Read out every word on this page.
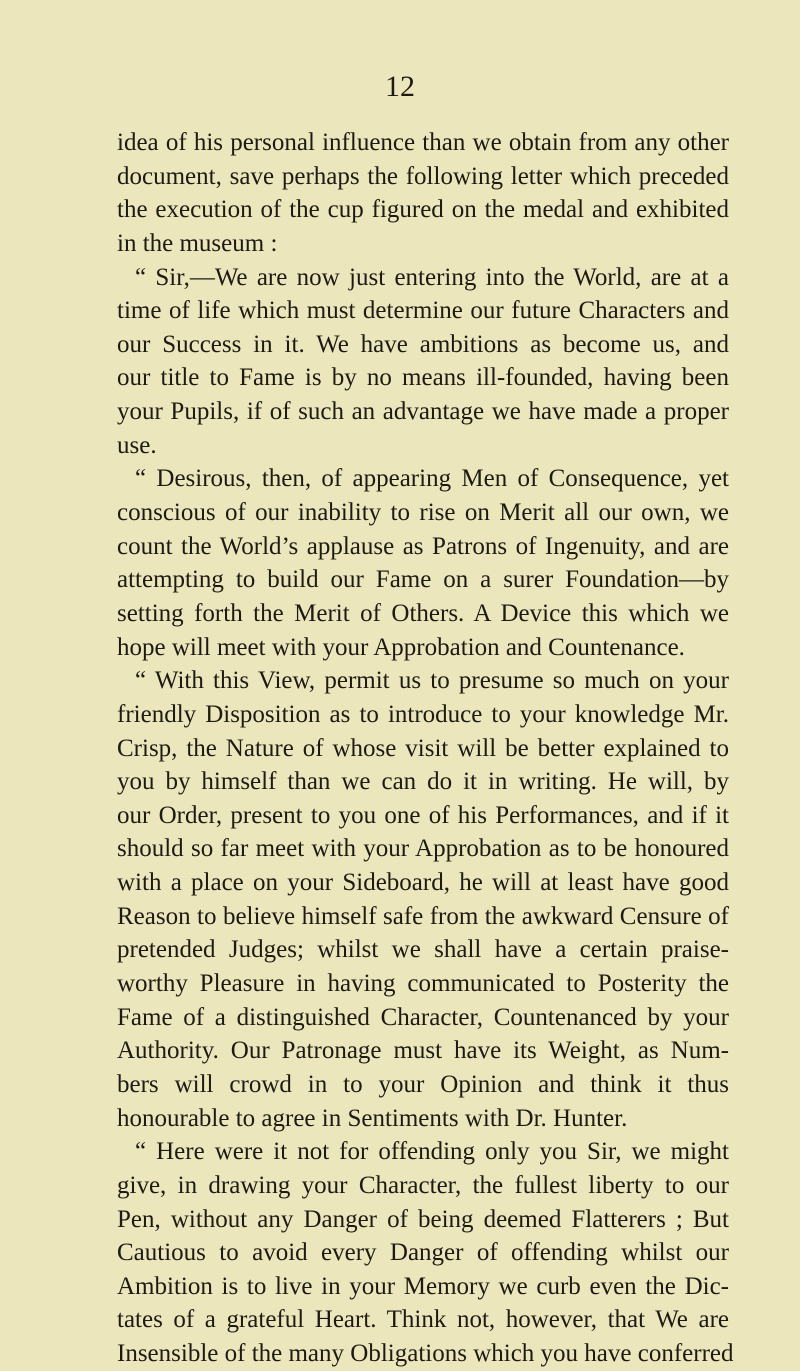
12
idea of his personal influence than we obtain from any other
document, save perhaps the following letter which preceded
the execution of the cup figured on the medal and exhibited
in the museum :
“ Sir,—We are now just entering into the World, are at a
time of life which must determine our future Characters and
our Success in it. We have ambitions as become us, and
our title to Fame is by no means ill-founded, having been
your Pupils, if of such an advantage we have made a proper
use.
“ Desirous, then, of appearing Men of Consequence, yet
conscious of our inability to rise on Merit all our own, we
count the World’s applause as Patrons of Ingenuity, and are
attempting to build our Fame on a surer Foundation—by
setting forth the Merit of Others. A Device this which we
hope will meet with your Approbation and Countenance.
“ With this View, permit us to presume so much on your
friendly Disposition as to introduce to your knowledge Mr.
Crisp, the Nature of whose visit will be better explained to
you by himself than we can do it in writing. He will, by
our Order, present to you one of his Performances, and if it
should so far meet with your Approbation as to be honoured
with a place on your Sideboard, he will at least have good
Reason to believe himself safe from the awkward Censure of
pretended Judges; whilst we shall have a certain praise-
worthy Pleasure in having communicated to Posterity the
Fame of a distinguished Character, Countenanced by your
Authority. Our Patronage must have its Weight, as Num-
bers will crowd in to your Opinion and think it thus
honourable to agree in Sentiments with Dr. Hunter.
“ Here were it not for offending only you Sir, we might
give, in drawing your Character, the fullest liberty to our
Pen, without any Danger of being deemed Flatterers ; But
Cautious to avoid every Danger of offending whilst our
Ambition is to live in your Memory we curb even the Dic-
tates of a grateful Heart. Think not, however, that We are
Insensible of the many Obligations which you have conferred
